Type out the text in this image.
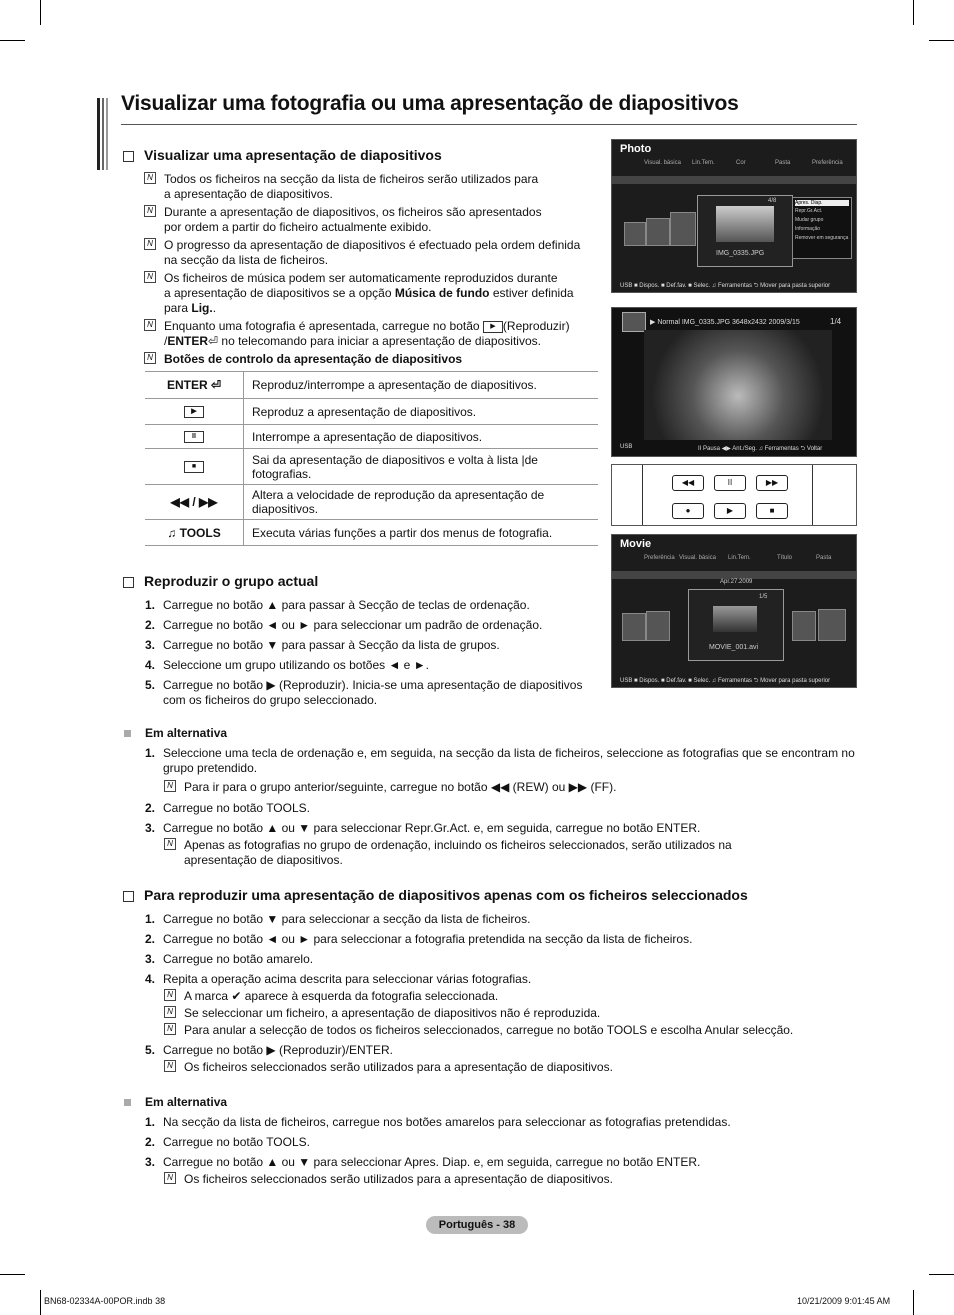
Visualizar uma fotografia ou uma apresentação de diapositivos
Visualizar uma apresentação de diapositivos
N Todos os ficheiros na secção da lista de ficheiros serão utilizados para
a apresentação de diapositivos.
N Durante a apresentação de diapositivos, os ficheiros são apresentados
por ordem a partir do ficheiro actualmente exibido.
N O progresso da apresentação de diapositivos é efectuado pela ordem definida
na secção da lista de ficheiros.
N Os ficheiros de música podem ser automaticamente reproduzidos durante
a apresentação de diapositivos se a opção Música de fundo estiver definida
para Lig..
N Enquanto uma fotografia é apresentada, carregue no botão ▶ (Reproduzir)
/ENTER⏎ no telecomando para iniciar a apresentação de diapositivos.
N Botões de controlo da apresentação de diapositivos
ENTER ⏎	Reproduz/interrompe a apresentação de diapositivos.
▶	Reproduz a apresentação de diapositivos.
II	Interrompe a apresentação de diapositivos.
■	Sai da apresentação de diapositivos e volta à lista |de fotografias.
◀◀ / ▶▶	Altera a velocidade de reprodução da apresentação de diapositivos.
♫ TOOLS	Executa várias funções a partir dos menus de fotografia.
Photo
Visual. básica Lin.Tem.	Cor	Pasta	Preferência
4/8
IMG_0335.JPG
Apres. Diap.
Repr.Gr.Act.
Mudar grupo
Informação
Remover em segurança
USB ■ Dispos. ■ Def.fav. ■ Selec. ♫ Ferramentas ⮌ Mover para pasta superior
▶ Normal IMG_0335.JPG 3648x2432 2009/3/15	1/4
USB	II Pausa ◀▶ Ant./Seg. ♫ Ferramentas ⮌ Voltar
◀◀	II	▶▶
●	▶	■
Movie
Preferência Visual. básica Lin.Tem.	Título	Pasta
Apr.27.2009
1/5
MOVIE_001.avi
USB ■ Dispos. ■ Def.fav. ■ Selec. ♫ Ferramentas ⮌ Mover para pasta superior
Reproduzir o grupo actual
1. Carregue no botão ▲ para passar à Secção de teclas de ordenação.
2. Carregue no botão ◄ ou ► para seleccionar um padrão de ordenação.
3. Carregue no botão ▼ para passar à Secção da lista de grupos.
4. Seleccione um grupo utilizando os botões ◄ e ►.
5. Carregue no botão ▶ (Reproduzir). Inicia-se uma apresentação de diapositivos com os ficheiros do grupo seleccionado.
Em alternativa
1. Seleccione uma tecla de ordenação e, em seguida, na secção da lista de ficheiros, seleccione as fotografias que se encontram no grupo pretendido.
N Para ir para o grupo anterior/seguinte, carregue no botão ◀◀ (REW) ou ▶▶ (FF).
2. Carregue no botão TOOLS.
3. Carregue no botão ▲ ou ▼ para seleccionar Repr.Gr.Act. e, em seguida, carregue no botão ENTER.
N Apenas as fotografias no grupo de ordenação, incluindo os ficheiros seleccionados, serão utilizados na apresentação de diapositivos.
Para reproduzir uma apresentação de diapositivos apenas com os ficheiros seleccionados
1. Carregue no botão ▼ para seleccionar a secção da lista de ficheiros.
2. Carregue no botão ◄ ou ► para seleccionar a fotografia pretendida na secção da lista de ficheiros.
3. Carregue no botão amarelo.
4. Repita a operação acima descrita para seleccionar várias fotografias.
N A marca ✔ aparece à esquerda da fotografia seleccionada.
N Se seleccionar um ficheiro, a apresentação de diapositivos não é reproduzida.
N Para anular a selecção de todos os ficheiros seleccionados, carregue no botão TOOLS e escolha Anular selecção.
5. Carregue no botão ▶ (Reproduzir)/ENTER.
N Os ficheiros seleccionados serão utilizados para a apresentação de diapositivos.
Em alternativa
1. Na secção da lista de ficheiros, carregue nos botões amarelos para seleccionar as fotografias pretendidas.
2. Carregue no botão TOOLS.
3. Carregue no botão ▲ ou ▼ para seleccionar Apres. Diap. e, em seguida, carregue no botão ENTER.
N Os ficheiros seleccionados serão utilizados para a apresentação de diapositivos.
Português - 38
BN68-02334A-00POR.indb 38	10/21/2009 9:01:45 AM
